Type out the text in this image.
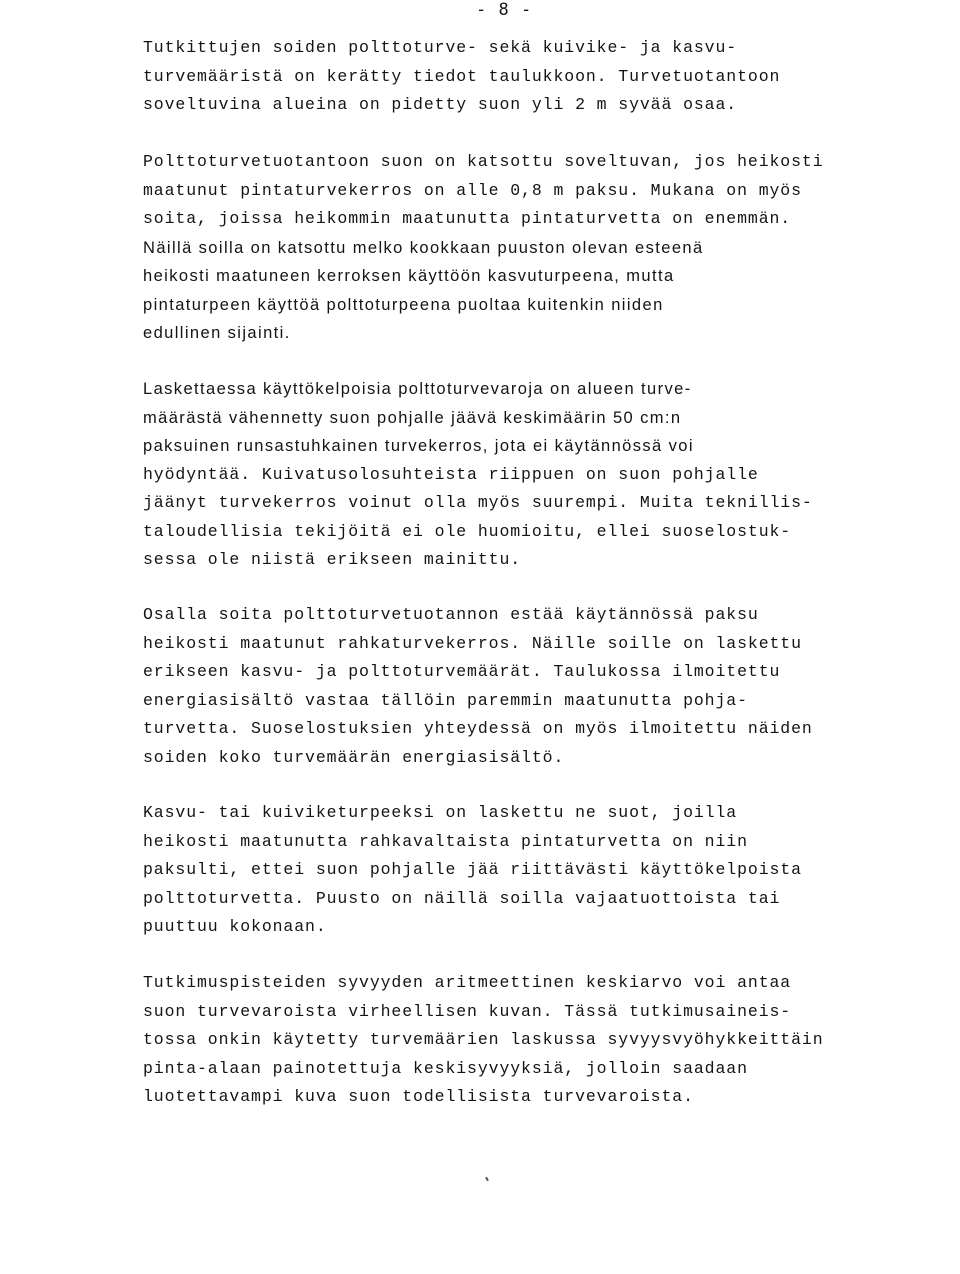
- 8 -

Tutkittujen soiden polttoturve- sekä kuivike- ja kasvu-
turvemääristä on kerätty tiedot taulukkoon. Turvetuotantoon
soveltuvina alueina on pidetty suon yli 2 m syvää osaa.

Polttoturvetuotantoon suon on katsottu soveltuvan, jos heikosti
maatunut pintaturvekerros on alle 0,8 m paksu. Mukana on myös
soita, joissa heikommin maatunutta pintaturvetta on enemmän.
Näillä soilla on katsottu melko kookkaan puuston olevan esteenä
heikosti maatuneen kerroksen käyttöön kasvuturpeena, mutta
pintaturpeen käyttöä polttoturpeena puoltaa kuitenkin niiden
edullinen sijainti.

Laskettaessa käyttökelpoisia polttoturvevaroja on alueen turve-
määrästä vähennetty suon pohjalle jäävä keskimäärin 50 cm:n
paksuinen runsastuhkainen turvekerros, jota ei käytännössä voi
hyödyntää. Kuivatusolosuhteista riippuen on suon pohjalle
jäänyt turvekerros voinut olla myös suurempi. Muita teknillis-
taloudellisia tekijöitä ei ole huomioitu, ellei suoselostuk-
sessa ole niistä erikseen mainittu.

Osalla soita polttoturvetuotannon estää käytännössä paksu
heikosti maatunut rahkaturvekerros. Näille soille on laskettu
erikseen kasvu- ja polttoturvemäärät. Taulukossa ilmoitettu
energiasisältö vastaa tällöin paremmin maatunutta pohja-
turvetta. Suoselostuksien yhteydessä on myös ilmoitettu näiden
soiden koko turvemäärän energiasisältö.

Kasvu- tai kuiviketurpeeksi on laskettu ne suot, joilla
heikosti maatunutta rahkavaltaista pintaturvetta on niin
paksulti, ettei suon pohjalle jää riittävästi käyttökelpoista
polttoturvetta. Puusto on näillä soilla vajaatuottoista tai
puuttuu kokonaan.

Tutkimuspisteiden syvyyden aritmeettinen keskiarvo voi antaa
suon turvevaroista virheellisen kuvan. Tässä tutkimusaineis-
tossa onkin käytetty turvemäärien laskussa syvyysvyöhykkeittäin
pinta-alaan painotettuja keskisyvyyksiä, jolloin saadaan
luotettavampi kuva suon todellisista turvevaroista.
